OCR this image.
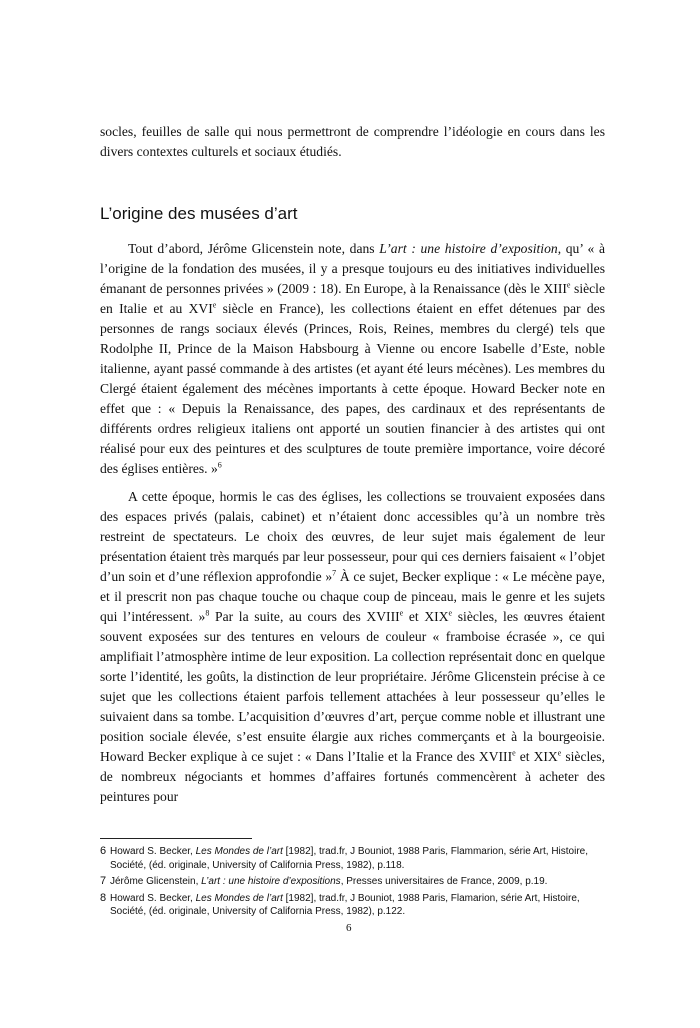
socles, feuilles de salle qui nous permettront de comprendre l’idéologie en cours dans les divers contextes culturels et sociaux étudiés.

L’origine des musées d’art

Tout d’abord, Jérôme Glicenstein note, dans L’art : une histoire d’exposition, qu’ « à l’origine de la fondation des musées, il y a presque toujours eu des initiatives individuelles émanant de personnes privées » (2009 : 18). En Europe, à la Renaissance (dès le XIIIe siècle en Italie et au XVIe siècle en France), les collections étaient en effet détenues par des personnes de rangs sociaux élevés (Princes, Rois, Reines, membres du clergé) tels que Rodolphe II, Prince de la Maison Habsbourg à Vienne ou encore Isabelle d’Este, noble italienne, ayant passé commande à des artistes (et ayant été leurs mécènes). Les membres du Clergé étaient également des mécènes importants à cette époque. Howard Becker note en effet que : « Depuis la Renaissance, des papes, des cardinaux et des représentants de différents ordres religieux italiens ont apporté un soutien financier à des artistes qui ont réalisé pour eux des peintures et des sculptures de toute première importance, voire décoré des églises entières. »$^6$

A cette époque, hormis le cas des églises, les collections se trouvaient exposées dans des espaces privés (palais, cabinet) et n’étaient donc accessibles qu’à un nombre très restreint de spectateurs. Le choix des œuvres, de leur sujet mais également de leur présentation étaient très marqués par leur possesseur, pour qui ces derniers faisaient « l’objet d’un soin et d’une réflexion approfondie »$^7$ À ce sujet, Becker explique : « Le mécène paye, et il prescrit non pas chaque touche ou chaque coup de pinceau, mais le genre et les sujets qui l’intéressent. »$^8$ Par la suite, au cours des XVIIIe et XIXe siècles, les œuvres étaient souvent exposées sur des tentures en velours de couleur « framboise écrasée », ce qui amplifiait l’atmosphère intime de leur exposition. La collection représentait donc en quelque sorte l’identité, les goûts, la distinction de leur propriétaire. Jérôme Glicenstein précise à ce sujet que les collections étaient parfois tellement attachées à leur possesseur qu’elles le suivaient dans sa tombe. L’acquisition d’œuvres d’art, perçue comme noble et illustrant une position sociale élevée, s’est ensuite élargie aux riches commerçants et à la bourgeoisie. Howard Becker explique à ce sujet : « Dans l’Italie et la France des XVIIIe et XIXe siècles, de nombreux négociants et hommes d’affaires fortunés commencèrent à acheter des peintures pour

6 Howard S. Becker, Les Mondes de l’art [1982], trad.fr, J Bouniot, 1988 Paris, Flammarion, série Art, Histoire, Société, (éd. originale, University of California Press, 1982), p.118.

7 Jérôme Glicenstein, L’art : une histoire d’expositions, Presses universitaires de France, 2009, p.19.

8 Howard S. Becker, Les Mondes de l’art [1982], trad.fr, J Bouniot, 1988 Paris, Flamarion, série Art, Histoire, Société, (éd. originale, University of California Press, 1982), p.122.

6
